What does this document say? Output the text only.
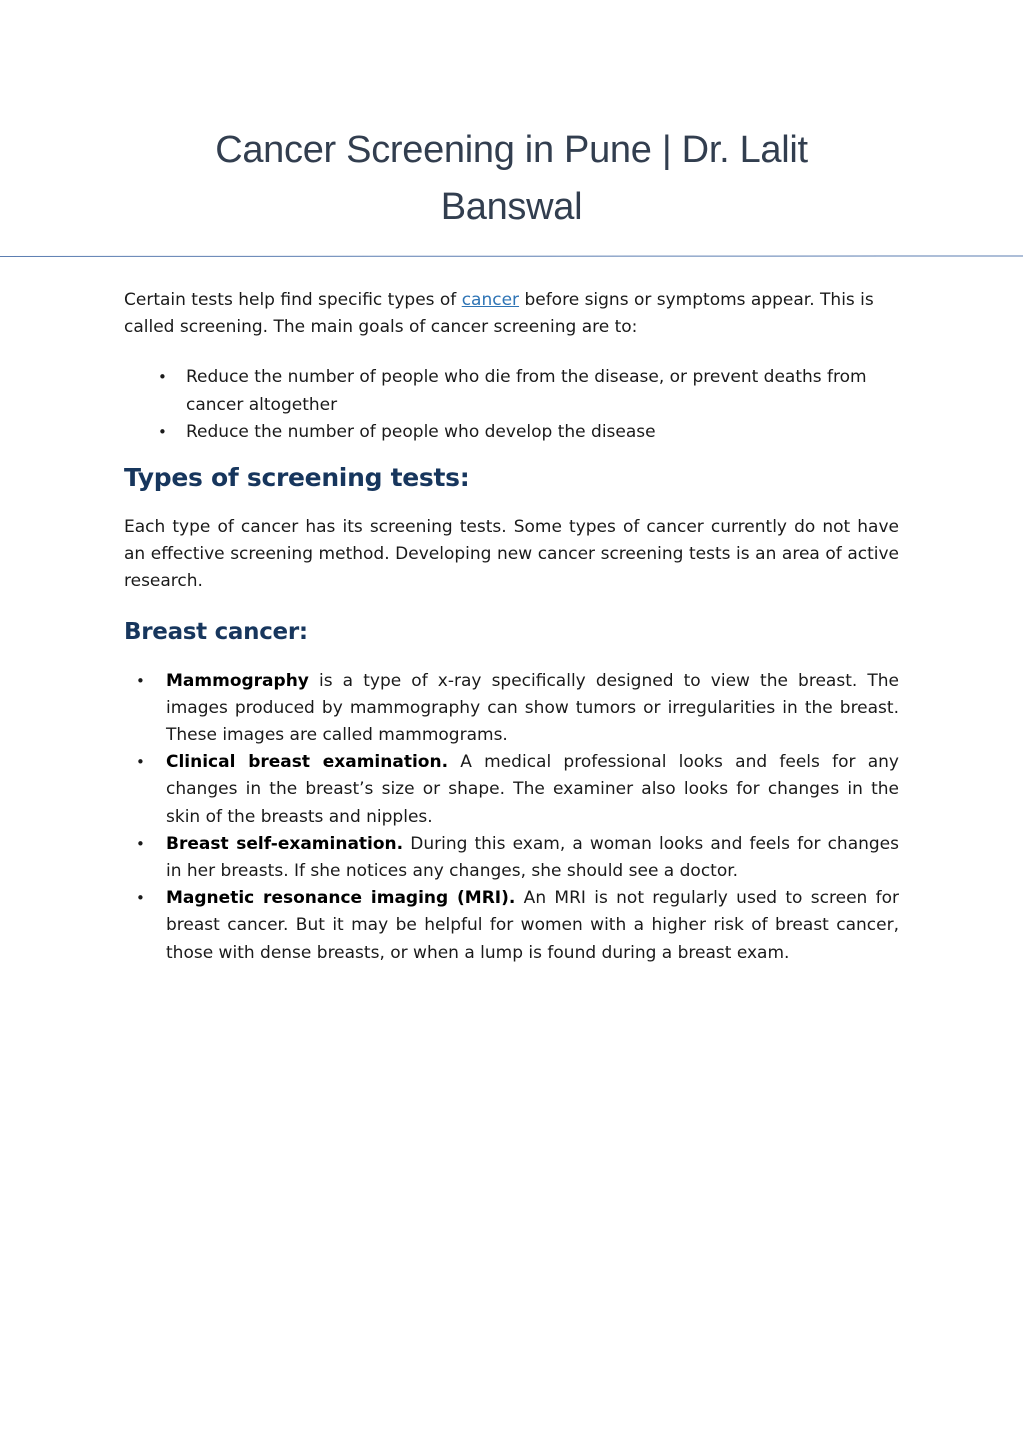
Cancer Screening in Pune | Dr. Lalit Banswal

Certain tests help find specific types of cancer before signs or symptoms appear. This is called screening. The main goals of cancer screening are to:

• Reduce the number of people who die from the disease, or prevent deaths from cancer altogether
• Reduce the number of people who develop the disease
Types of screening tests:

Each type of cancer has its screening tests. Some types of cancer currently do not have an effective screening method. Developing new cancer screening tests is an area of active research.

Breast cancer:
• Mammography is a type of x-ray specifically designed to view the breast. The images produced by mammography can show tumors or irregularities in the breast. These images are called mammograms.
• Clinical breast examination. A medical professional looks and feels for any changes in the breast’s size or shape. The examiner also looks for changes in the skin of the breasts and nipples.
• Breast self-examination. During this exam, a woman looks and feels for changes in her breasts. If she notices any changes, she should see a doctor.
• Magnetic resonance imaging (MRI). An MRI is not regularly used to screen for breast cancer. But it may be helpful for women with a higher risk of breast cancer, those with dense breasts, or when a lump is found during a breast exam.
